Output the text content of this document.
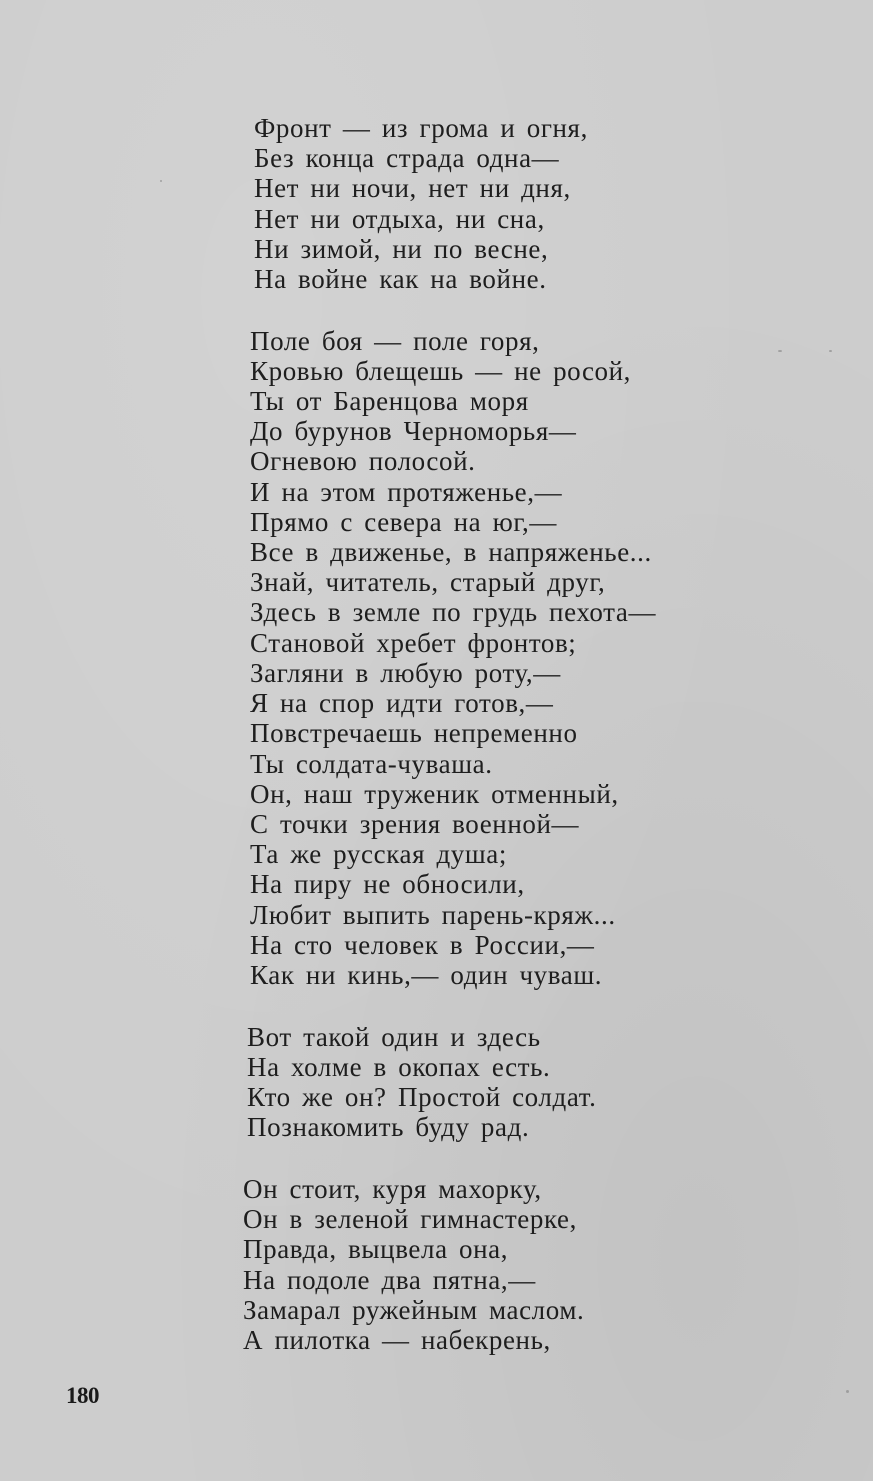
Фронт — из грома и огня,
Без конца страда одна—
Нет ни ночи, нет ни дня,
Нет ни отдыха, ни сна,
Ни зимой, ни по весне,
На войне как на войне.
Поле боя — поле горя,
Кровью блещешь — не росой,
Ты от Баренцова моря
До бурунов Черноморья—
Огневою полосой.
И на этом протяженье,—
Прямо с севера на юг,—
Все в движенье, в напряженье...
Знай, читатель, старый друг,
Здесь в земле по грудь пехота—
Становой хребет фронтов;
Загляни в любую роту,—
Я на спор идти готов,—
Повстречаешь непременно
Ты солдата-чуваша.
Он, наш труженик отменный,
С точки зрения военной—
Та же русская душа;
На пиру не обносили,
Любит выпить парень-кряж...
На сто человек в России,—
Как ни кинь,— один чуваш.
Вот такой один и здесь
На холме в окопах есть.
Кто же он? Простой солдат.
Познакомить буду рад.
Он стоит, куря махорку,
Он в зеленой гимнастерке,
Правда, выцвела она,
На подоле два пятна,—
Замарал ружейным маслом.
А пилотка — набекрень,
180
